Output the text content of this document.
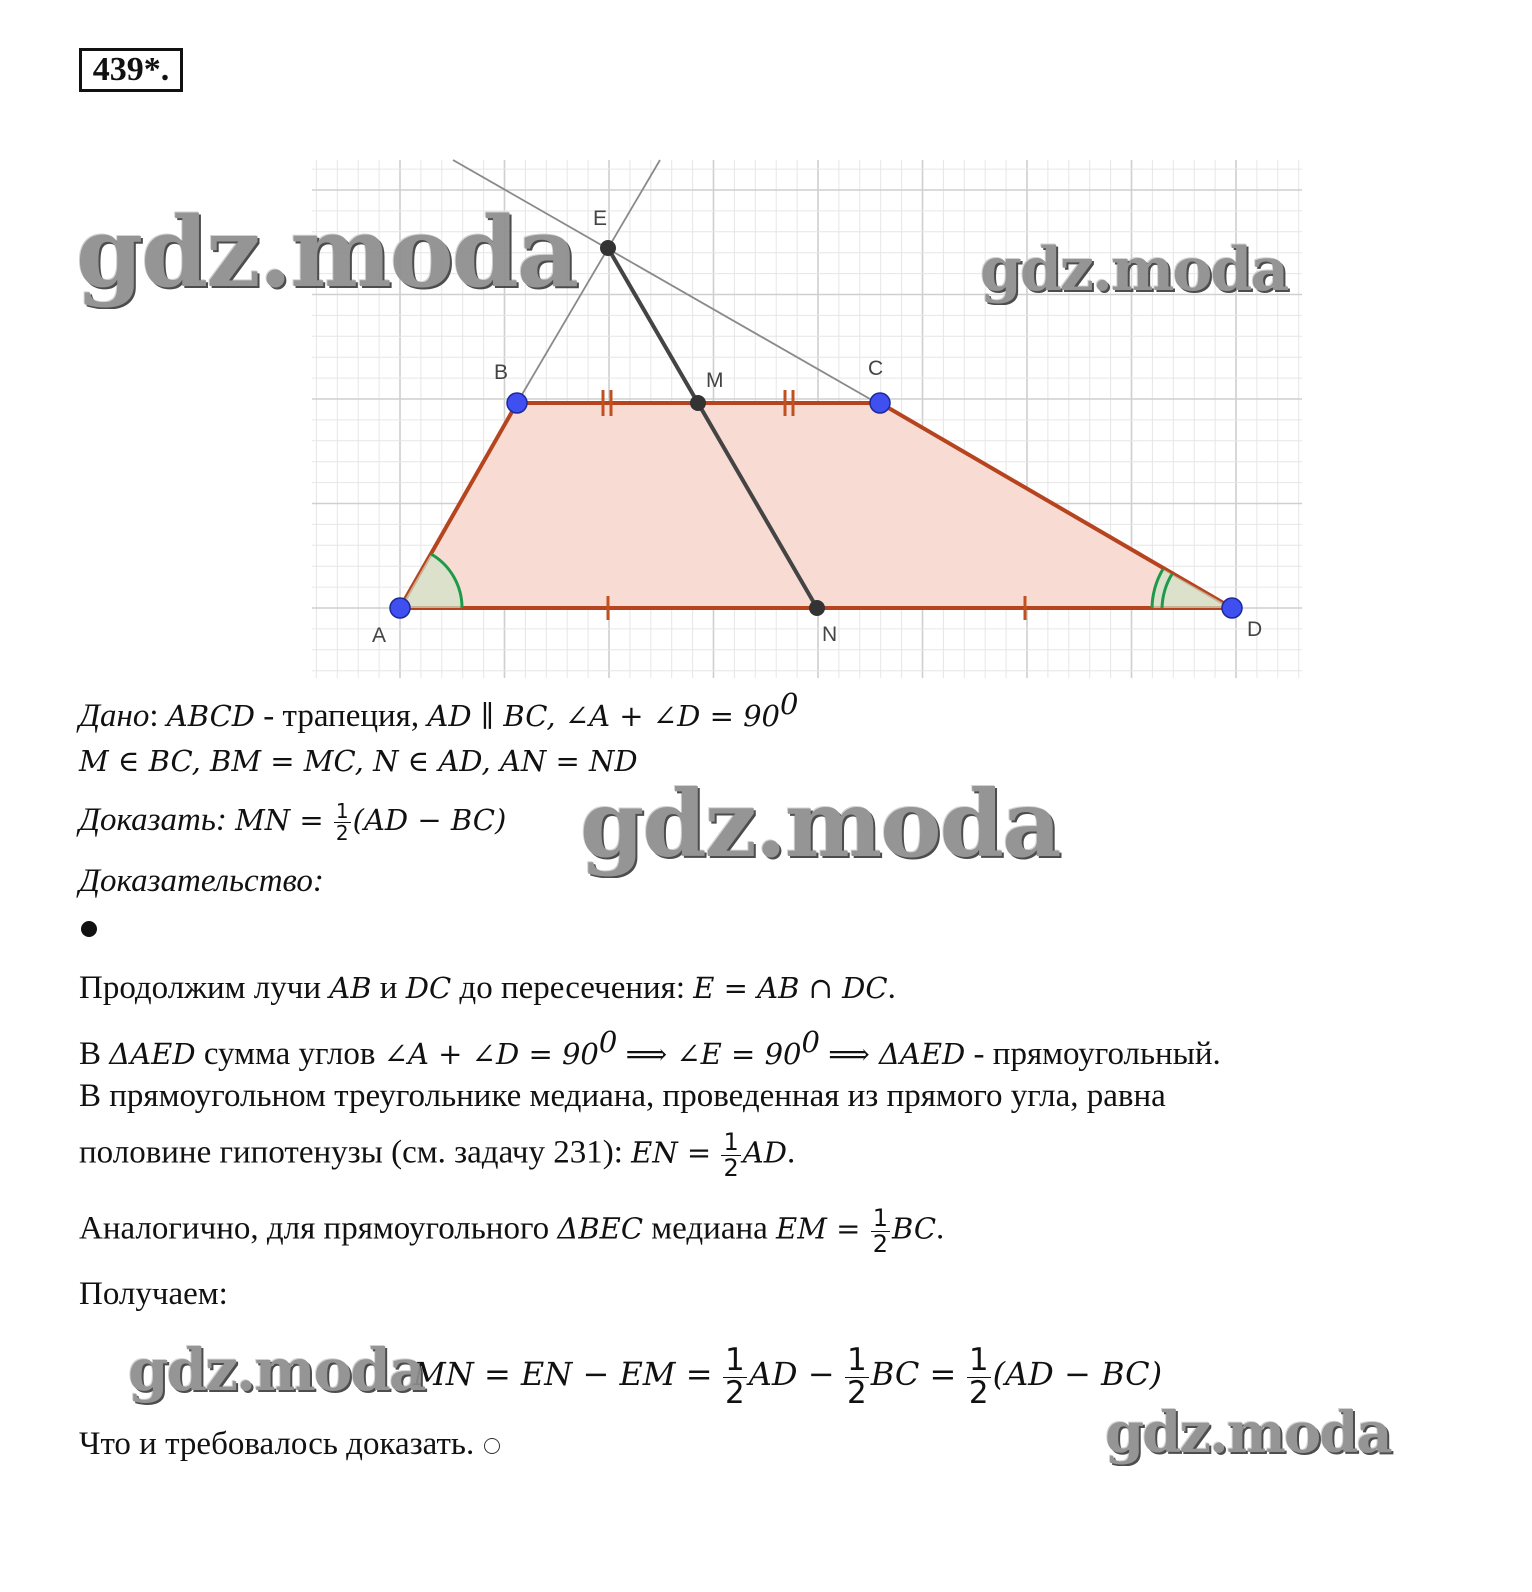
439*.
A
B	C
D
E
M
N
Дано: ABCD - трапеция, AD ∥ BC, ∠A + ∠D = $90^0$
M ∈ BC, BM = MC, N ∈ AD, AN = ND
Доказать: MN = $\frac{1}{2} (AD - BC)$
Доказательство:
Продолжим лучи AB и DC до пересечения: E = AB ∩ DC.
В ΔAED сумма углов ∠A + ∠D = $90^0$ ⟹ ∠E = $90^0$ ⟹ ΔAED - прямоугольный.
В прямоугольном треугольнике медиана, проведенная из прямого угла, равна
половине гипотенузы (см. задачу 231): EN = $\frac{1}{2}$ AD.
Аналогично, для прямоугольного ΔBEC медиана EM = $\frac{1}{2}$ BC.
Получаем:
MN = EN − EM = $\frac{1}{2}$ AD − $\frac{1}{2}$ BC = $\frac{1}{2} (AD - BC)$
Что и требовалось доказать.
gdz.moda	gdz.moda
gdz.moda
gdz.moda
gdz.moda
